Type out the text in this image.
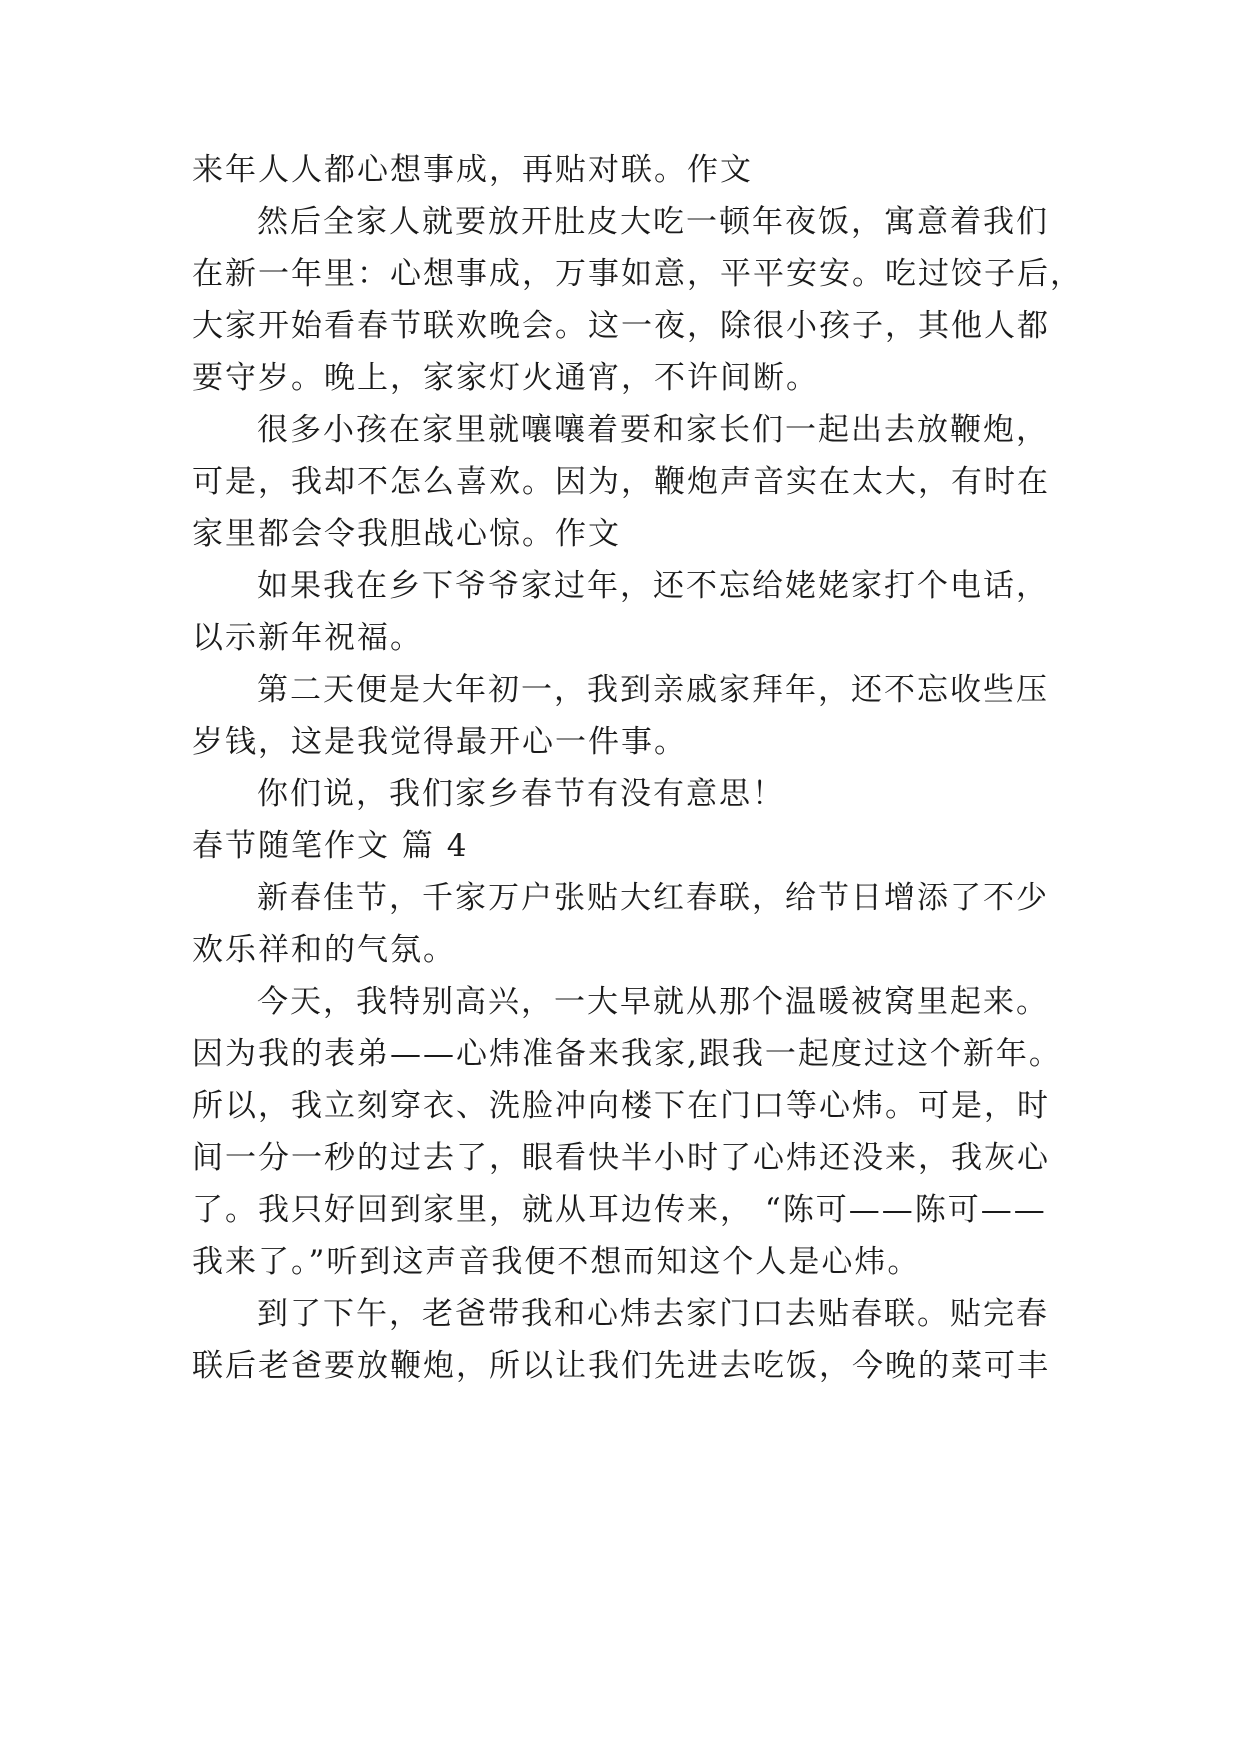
来年人人都心想事成，再贴对联。作文
然后全家人就要放开肚皮大吃一顿年夜饭，寓意着我们
在新一年里：心想事成，万事如意，平平安安。吃过饺子后，
大家开始看春节联欢晚会。这一夜，除很小孩子，其他人都
要守岁。晚上，家家灯火通宵，不许间断。
很多小孩在家里就嚷嚷着要和家长们一起出去放鞭炮，
可是，我却不怎么喜欢。因为，鞭炮声音实在太大，有时在
家里都会令我胆战心惊。作文
如果我在乡下爷爷家过年，还不忘给姥姥家打个电话，
以示新年祝福。
第二天便是大年初一，我到亲戚家拜年，还不忘收些压
岁钱，这是我觉得最开心一件事。
你们说，我们家乡春节有没有意思！
春节随笔作文 篇 4
新春佳节，千家万户张贴大红春联，给节日增添了不少
欢乐祥和的气氛。
今天，我特别高兴，一大早就从那个温暖被窝里起来。
因为我的表弟——心炜准备来我家,跟我一起度过这个新年。
所以，我立刻穿衣、洗脸冲向楼下在门口等心炜。可是，时
间一分一秒的过去了，眼看快半小时了心炜还没来，我灰心
了。我只好回到家里，就从耳边传来， “陈可——陈可——
我来了。”听到这声音我便不想而知这个人是心炜。
到了下午，老爸带我和心炜去家门口去贴春联。贴完春
联后老爸要放鞭炮，所以让我们先进去吃饭，今晚的菜可丰
